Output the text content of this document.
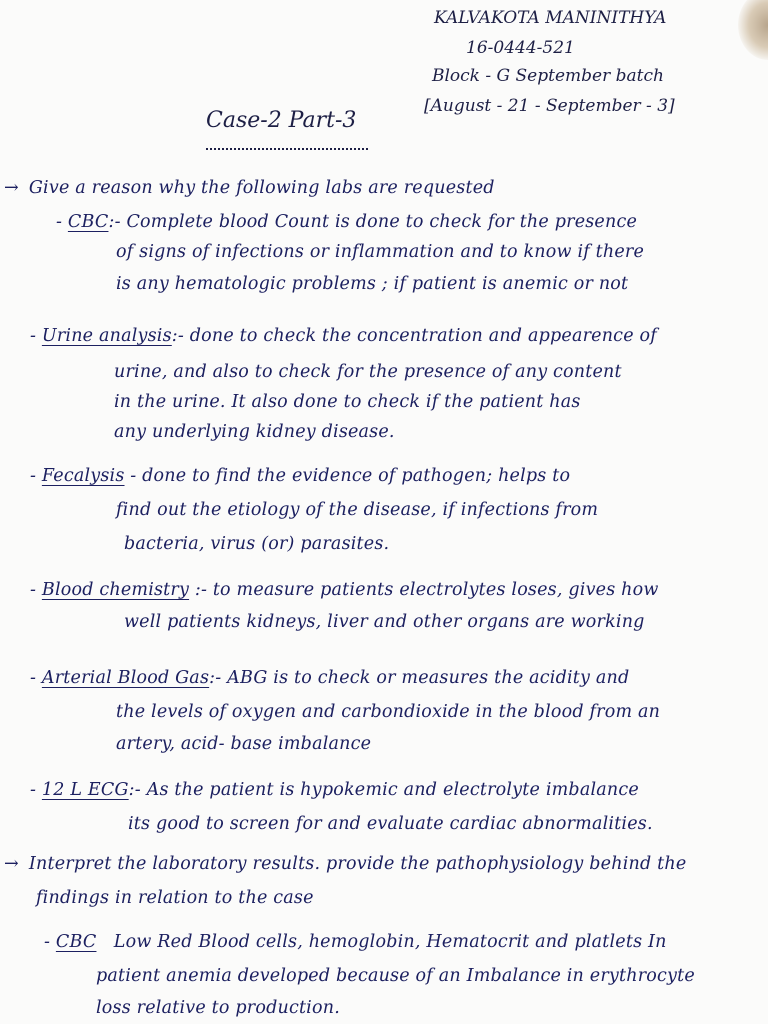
KALVAKOTA MANINITHYA
16-0444-521
Block - G September batch
[August - 21 - September - 3]
Case-2 Part-3
→ Give a reason why the following labs are requested
- CBC:- Complete blood Count is done to check for the presence
of signs of infections or inflammation and to know if there
is any hematologic problems ; if patient is anemic or not
- Urine analysis:- done to check the concentration and appearence of
urine, and also to check for the presence of any content
in the urine. It also done to check if the patient has
any underlying kidney disease.
- Fecalysis - done to find the evidence of pathogen; helps to
find out the etiology of the disease, if infections from
bacteria, virus (or) parasites.
- Blood chemistry :- to measure patients electrolytes loses, gives how
well patients kidneys, liver and other organs are working
- Arterial Blood Gas:- ABG is to check or measures the acidity and
the levels of oxygen and carbondioxide in the blood from an
artery, acid- base imbalance
- 12 L ECG:- As the patient is hypokemic and electrolyte imbalance
its good to screen for and evaluate cardiac abnormalities.
→ Interpret the laboratory results. provide the pathophysiology behind the
findings in relation to the case
- CBC Low Red Blood cells, hemoglobin, Hematocrit and platlets In
patient anemia developed because of an Imbalance in erythrocyte
loss relative to production.
